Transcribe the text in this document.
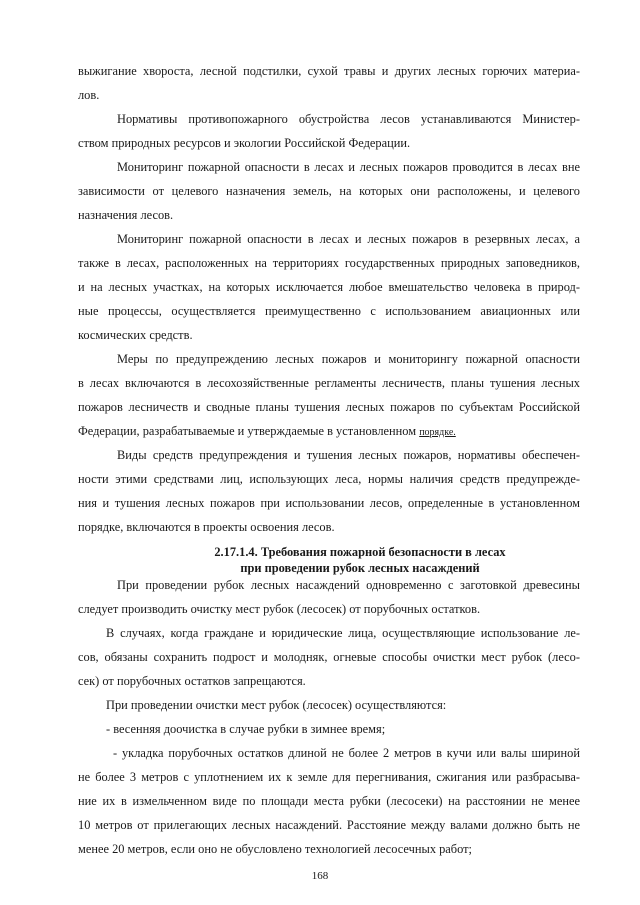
выжигание хвороста, лесной подстилки, сухой травы и других лесных горючих материа-
лов.
Нормативы противопожарного обустройства лесов устанавливаются Министер-
ством природных ресурсов и экологии Российской Федерации.
Мониторинг пожарной опасности в лесах и лесных пожаров проводится в лесах вне
зависимости от целевого назначения земель, на которых они расположены, и целевого
назначения лесов.
Мониторинг пожарной опасности в лесах и лесных пожаров в резервных лесах, а
также в лесах, расположенных на территориях государственных природных заповедников,
и на лесных участках, на которых исключается любое вмешательство человека в природ-
ные процессы, осуществляется преимущественно с использованием авиационных или
космических средств.
Меры по предупреждению лесных пожаров и мониторингу пожарной опасности
в лесах включаются в лесохозяйственные регламенты лесничеств, планы тушения лесных
пожаров лесничеств и сводные планы тушения лесных пожаров по субъектам Российской
Федерации, разрабатываемые и утверждаемые в установленном порядке.
Виды средств предупреждения и тушения лесных пожаров, нормативы обеспечен-
ности этими средствами лиц, использующих леса, нормы наличия средств предупрежде-
ния и тушения лесных пожаров при использовании лесов, определенные в установленном
порядке, включаются в проекты освоения лесов.
2.17.1.4. Требования пожарной безопасности в лесах
при проведении рубок лесных насаждений
При проведении рубок лесных насаждений одновременно с заготовкой древесины
следует производить очистку мест рубок (лесосек) от порубочных остатков.
В случаях, когда граждане и юридические лица, осуществляющие использование ле-
сов, обязаны сохранить подрост и молодняк, огневые способы очистки мест рубок (лесо-
сек) от порубочных остатков запрещаются.
При проведении очистки мест рубок (лесосек) осуществляются:
- весенняя доочистка в случае рубки в зимнее время;
- укладка порубочных остатков длиной не более 2 метров в кучи или валы шириной
не более 3 метров с уплотнением их к земле для перегнивания, сжигания или разбрасыва-
ние их в измельченном виде по площади места рубки (лесосеки) на расстоянии не менее
10 метров от прилегающих лесных насаждений. Расстояние между валами должно быть не
менее 20 метров, если оно не обусловлено технологией лесосечных работ;
168
